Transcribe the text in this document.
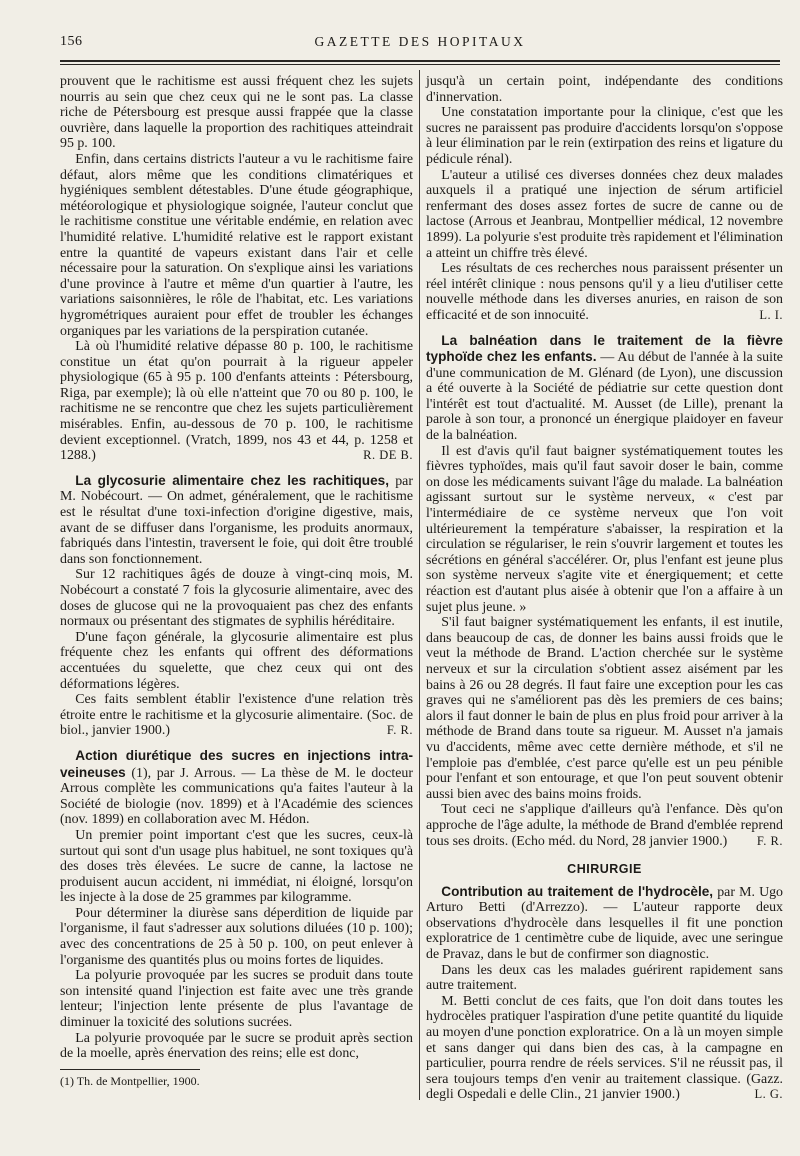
156	GAZETTE DES HOPITAUX

prouvent que le rachitisme est aussi fréquent chez les sujets nourris au sein que chez ceux qui ne le sont pas. La classe riche de Pétersbourg est presque aussi frappée que la classe ouvrière, dans laquelle la proportion des rachitiques atteindrait 95 p. 100.

Enfin, dans certains districts l'auteur a vu le rachitisme faire défaut, alors même que les conditions climatériques et hygiéniques semblent détestables. D'une étude géographique, météorologique et physiologique soignée, l'auteur conclut que le rachitisme constitue une véritable endémie, en relation avec l'humidité relative. L'humidité relative est le rapport existant entre la quantité de vapeurs existant dans l'air et celle nécessaire pour la saturation. On s'explique ainsi les variations d'une province à l'autre et même d'un quartier à l'autre, les variations saisonnières, le rôle de l'habitat, etc. Les variations hygrométriques auraient pour effet de troubler les échanges organiques par les variations de la perspiration cutanée.

Là où l'humidité relative dépasse 80 p. 100, le rachitisme constitue un état qu'on pourrait à la rigueur appeler physiologique (65 à 95 p. 100 d'enfants atteints : Pétersbourg, Riga, par exemple); là où elle n'atteint que 70 ou 80 p. 100, le rachitisme ne se rencontre que chez les sujets particulièrement misérables. Enfin, au-dessous de 70 p. 100, le rachitisme devient exceptionnel. (Vratch, 1899, nos 43 et 44, p. 1258 et 1288.)	R. DE B.

La glycosurie alimentaire chez les rachitiques, par M. Nobécourt. — On admet, généralement, que le rachitisme est le résultat d'une toxi-infection d'origine digestive, mais, avant de se diffuser dans l'organisme, les produits anormaux, fabriqués dans l'intestin, traversent le foie, qui doit être troublé dans son fonctionnement.

Sur 12 rachitiques âgés de douze à vingt-cinq mois, M. Nobécourt a constaté 7 fois la glycosurie alimentaire, avec des doses de glucose qui ne la provoquaient pas chez des enfants normaux ou présentant des stigmates de syphilis héréditaire.

D'une façon générale, la glycosurie alimentaire est plus fréquente chez les enfants qui offrent des déformations accentuées du squelette, que chez ceux qui ont des déformations légères.

Ces faits semblent établir l'existence d'une relation très étroite entre le rachitisme et la glycosurie alimentaire. (Soc. de biol., janvier 1900.)	F. R.

Action diurétique des sucres en injections intra-veineuses (1), par J. Arrous. — La thèse de M. le docteur Arrous complète les communications qu'a faites l'auteur à la Société de biologie (nov. 1899) et à l'Académie des sciences (nov. 1899) en collaboration avec M. Hédon.

Un premier point important c'est que les sucres, ceux-là surtout qui sont d'un usage plus habituel, ne sont toxiques qu'à des doses très élevées. Le sucre de canne, la lactose ne produisent aucun accident, ni immédiat, ni éloigné, lorsqu'on les injecte à la dose de 25 grammes par kilogramme.

Pour déterminer la diurèse sans déperdition de liquide par l'organisme, il faut s'adresser aux solutions diluées (10 p. 100); avec des concentrations de 25 à 50 p. 100, on peut enlever à l'organisme des quantités plus ou moins fortes de liquides.

La polyurie provoquée par les sucres se produit dans toute son intensité quand l'injection est faite avec une très grande lenteur; l'injection lente présente de plus l'avantage de diminuer la toxicité des solutions sucrées.

La polyurie provoquée par le sucre se produit après section de la moelle, après énervation des reins; elle est donc,

(1) Th. de Montpellier, 1900.

jusqu'à un certain point, indépendante des conditions d'innervation.

Une constatation importante pour la clinique, c'est que les sucres ne paraissent pas produire d'accidents lorsqu'on s'oppose à leur élimination par le rein (extirpation des reins et ligature du pédicule rénal).

L'auteur a utilisé ces diverses données chez deux malades auxquels il a pratiqué une injection de sérum artificiel renfermant des doses assez fortes de sucre de canne ou de lactose (Arrous et Jeanbrau, Montpellier médical, 12 novembre 1899). La polyurie s'est produite très rapidement et l'élimination a atteint un chiffre très élevé.

Les résultats de ces recherches nous paraissent présenter un réel intérêt clinique : nous pensons qu'il y a lieu d'utiliser cette nouvelle méthode dans les diverses anuries, en raison de son efficacité et de son innocuité.	L. I.

La balnéation dans le traitement de la fièvre typhoïde chez les enfants. — Au début de l'année à la suite d'une communication de M. Glénard (de Lyon), une discussion a été ouverte à la Société de pédiatrie sur cette question dont l'intérêt est tout d'actualité. M. Ausset (de Lille), prenant la parole à son tour, a prononcé un énergique plaidoyer en faveur de la balnéation.

Il est d'avis qu'il faut baigner systématiquement toutes les fièvres typhoïdes, mais qu'il faut savoir doser le bain, comme on dose les médicaments suivant l'âge du malade. La balnéation agissant surtout sur le système nerveux, « c'est par l'intermédiaire de ce système nerveux que l'on voit ultérieurement la température s'abaisser, la respiration et la circulation se régulariser, le rein s'ouvrir largement et toutes les sécrétions en général s'accélérer. Or, plus l'enfant est jeune plus son système nerveux s'agite vite et énergiquement; et cette réaction est d'autant plus aisée à obtenir que l'on a affaire à un sujet plus jeune. »

S'il faut baigner systématiquement les enfants, il est inutile, dans beaucoup de cas, de donner les bains aussi froids que le veut la méthode de Brand. L'action cherchée sur le système nerveux et sur la circulation s'obtient assez aisément par les bains à 26 ou 28 degrés. Il faut faire une exception pour les cas graves qui ne s'améliorent pas dès les premiers de ces bains; alors il faut donner le bain de plus en plus froid pour arriver à la méthode de Brand dans toute sa rigueur. M. Ausset n'a jamais vu d'accidents, même avec cette dernière méthode, et s'il ne l'emploie pas d'emblée, c'est parce qu'elle est un peu pénible pour l'enfant et son entourage, et que l'on peut souvent obtenir aussi bien avec des bains moins froids.

Tout ceci ne s'applique d'ailleurs qu'à l'enfance. Dès qu'on approche de l'âge adulte, la méthode de Brand d'emblée reprend tous ses droits. (Echo méd. du Nord, 28 janvier 1900.)	F. R.

CHIRURGIE

Contribution au traitement de l'hydrocèle, par M. Ugo Arturo Betti (d'Arrezzo). — L'auteur rapporte deux observations d'hydrocèle dans lesquelles il fit une ponction exploratrice de 1 centimètre cube de liquide, avec une seringue de Pravaz, dans le but de confirmer son diagnostic.

Dans les deux cas les malades guérirent rapidement sans autre traitement.

M. Betti conclut de ces faits, que l'on doit dans toutes les hydrocèles pratiquer l'aspiration d'une petite quantité du liquide au moyen d'une ponction exploratrice. On a là un moyen simple et sans danger qui dans bien des cas, à la campagne en particulier, pourra rendre de réels services. S'il ne réussit pas, il sera toujours temps d'en venir au traitement classique. (Gazz. degli Ospedali e delle Clin., 21 janvier 1900.)	L. G.
